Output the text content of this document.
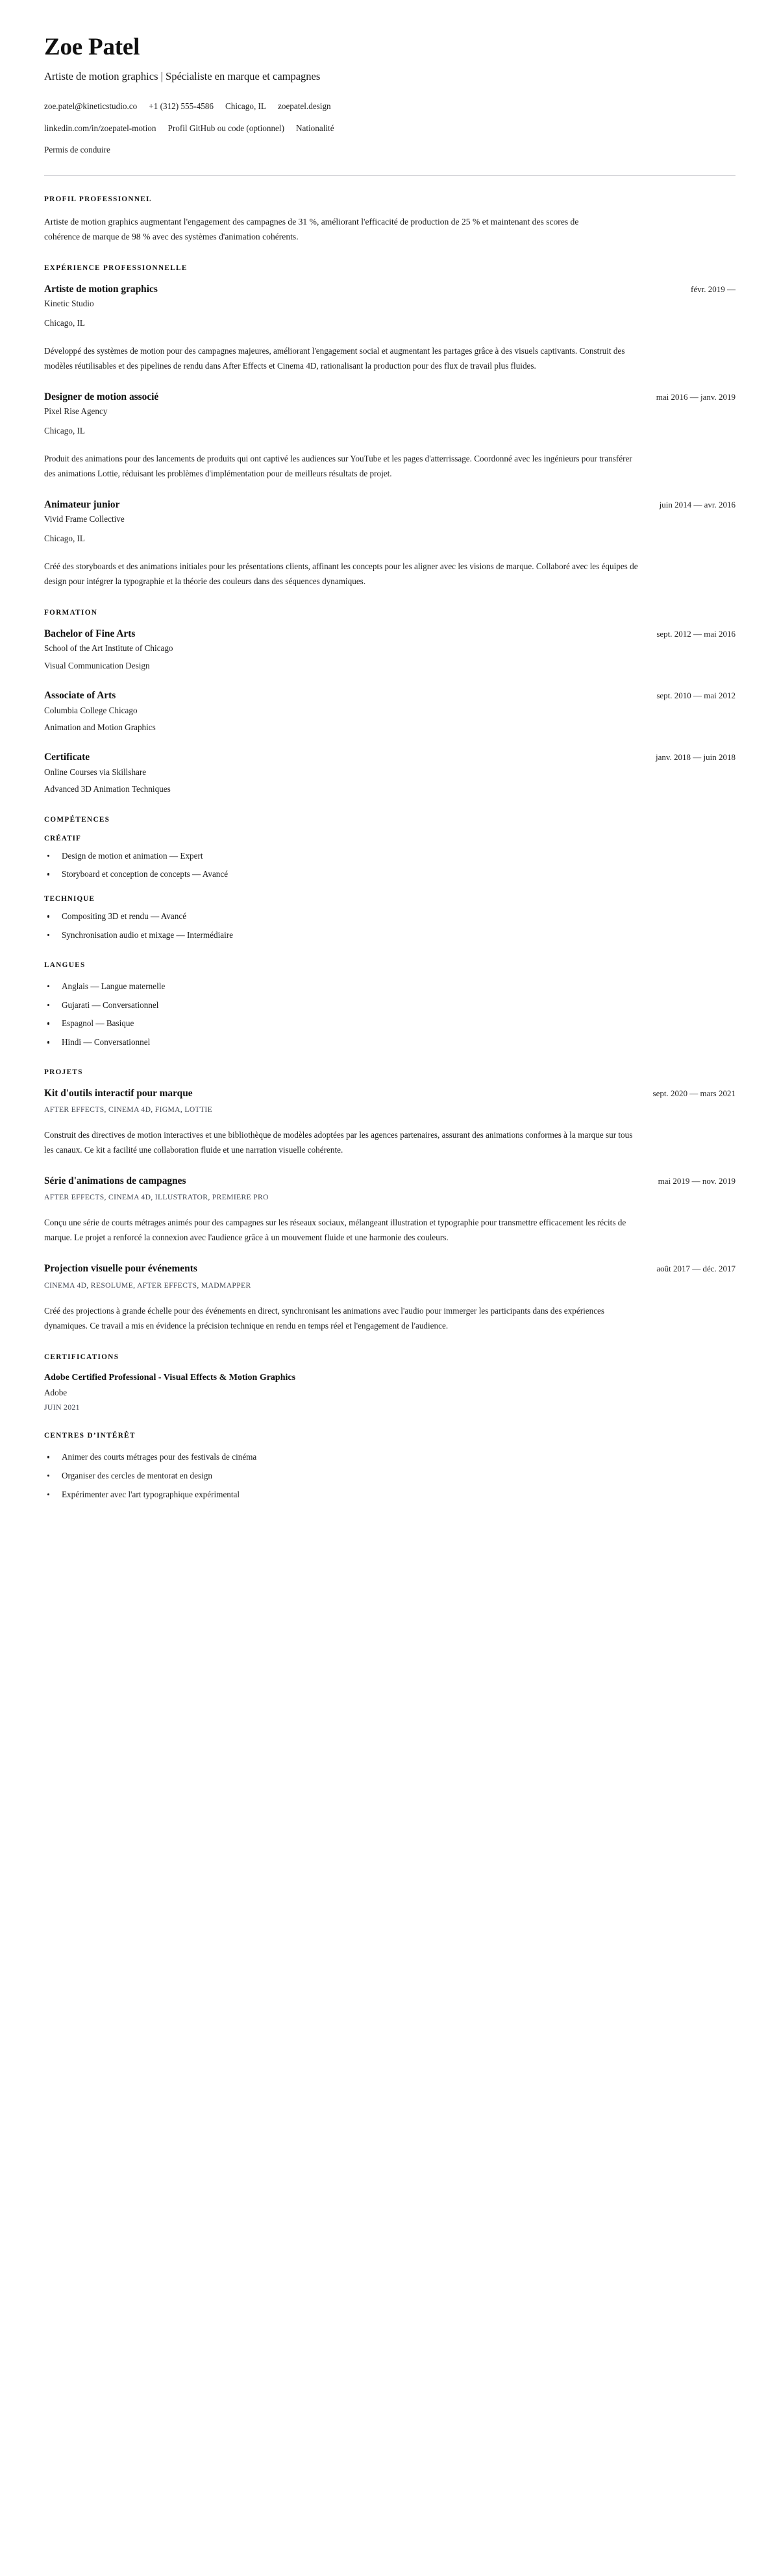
Zoe Patel
Artiste de motion graphics | Spécialiste en marque et campagnes
zoe.patel@kineticstudio.co +1 (312) 555-4586 Chicago, IL zoepatel.design
linkedin.com/in/zoepatel-motion Profil GitHub ou code (optionnel) Nationalité
Permis de conduire
PROFIL PROFESSIONNEL

Artiste de motion graphics augmentant l'engagement des campagnes de 31 %, améliorant l'efficacité de production de 25 % et maintenant des scores de cohérence de marque de 98 % avec des systèmes d'animation cohérents.

EXPÉRIENCE PROFESSIONNELLE
Artiste de motion graphics	févr. 2019 —

Kinetic Studio

Chicago, IL

Développé des systèmes de motion pour des campagnes majeures, améliorant l'engagement social et augmentant les partages grâce à des visuels captivants. Construit des modèles réutilisables et des pipelines de rendu dans After Effects et Cinema 4D, rationalisant la production pour des flux de travail plus fluides.

Designer de motion associé	mai 2016 — janv. 2019

Pixel Rise Agency

Chicago, IL

Produit des animations pour des lancements de produits qui ont captivé les audiences sur YouTube et les pages d'atterrissage. Coordonné avec les ingénieurs pour transférer des animations Lottie, réduisant les problèmes d'implémentation pour de meilleurs résultats de projet.

Animateur junior	juin 2014 — avr. 2016

Vivid Frame Collective

Chicago, IL

Créé des storyboards et des animations initiales pour les présentations clients, affinant les concepts pour les aligner avec les visions de marque. Collaboré avec les équipes de design pour intégrer la typographie et la théorie des couleurs dans des séquences dynamiques.

FORMATION
Bachelor of Fine Arts	sept. 2012 — mai 2016

School of the Art Institute of Chicago

Visual Communication Design

Associate of Arts	sept. 2010 — mai 2012

Columbia College Chicago

Animation and Motion Graphics

Certificate	janv. 2018 — juin 2018

Online Courses via Skillshare

Advanced 3D Animation Techniques

COMPÉTENCES
CRÉATIF
Design de motion et animation — Expert
Storyboard et conception de concepts — Avancé
TECHNIQUE
Compositing 3D et rendu — Avancé
Synchronisation audio et mixage — Intermédiaire
LANGUES
Anglais — Langue maternelle
Gujarati — Conversationnel
Espagnol — Basique
Hindi — Conversationnel
PROJETS
Kit d'outils interactif pour marque	sept. 2020 — mars 2021

AFTER EFFECTS, CINEMA 4D, FIGMA, LOTTIE

Construit des directives de motion interactives et une bibliothèque de modèles adoptées par les agences partenaires, assurant des animations conformes à la marque sur tous les canaux. Ce kit a facilité une collaboration fluide et une narration visuelle cohérente.

Série d'animations de campagnes	mai 2019 — nov. 2019

AFTER EFFECTS, CINEMA 4D, ILLUSTRATOR, PREMIERE PRO

Conçu une série de courts métrages animés pour des campagnes sur les réseaux sociaux, mélangeant illustration et typographie pour transmettre efficacement les récits de marque. Le projet a renforcé la connexion avec l'audience grâce à un mouvement fluide et une harmonie des couleurs.

Projection visuelle pour événements	août 2017 — déc. 2017

CINEMA 4D, RESOLUME, AFTER EFFECTS, MADMAPPER

Créé des projections à grande échelle pour des événements en direct, synchronisant les animations avec l'audio pour immerger les participants dans des expériences dynamiques. Ce travail a mis en évidence la précision technique en rendu en temps réel et l'engagement de l'audience.

CERTIFICATIONS
Adobe Certified Professional - Visual Effects & Motion Graphics

Adobe

JUIN 2021

CENTRES D’INTÉRÊT
Animer des courts métrages pour des festivals de cinéma
Organiser des cercles de mentorat en design
Expérimenter avec l'art typographique expérimental
